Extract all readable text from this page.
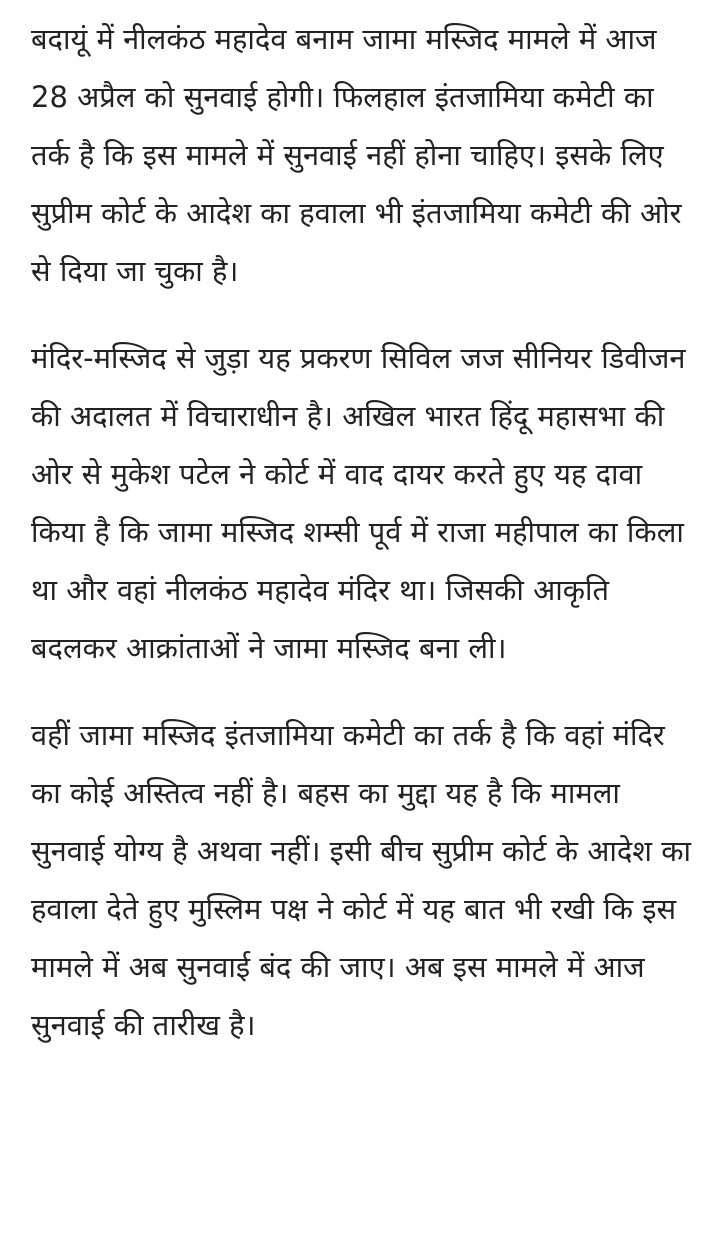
बदायूं में नीलकंठ महादेव बनाम जामा मस्जिद मामले में आज 28 अप्रैल को सुनवाई होगी। फिलहाल इंतजामिया कमेटी का तर्क है कि इस मामले में सुनवाई नहीं होना चाहिए। इसके लिए सुप्रीम कोर्ट के आदेश का हवाला भी इंतजामिया कमेटी की ओर से दिया जा चुका है।

मंदिर-मस्जिद से जुड़ा यह प्रकरण सिविल जज सीनियर डिवीजन की अदालत में विचाराधीन है। अखिल भारत हिंदू महासभा की ओर से मुकेश पटेल ने कोर्ट में वाद दायर करते हुए यह दावा किया है कि जामा मस्जिद शम्सी पूर्व में राजा महीपाल का किला था और वहां नीलकंठ महादेव मंदिर था। जिसकी आकृति बदलकर आक्रांताओं ने जामा मस्जिद बना ली।

वहीं जामा मस्जिद इंतजामिया कमेटी का तर्क है कि वहां मंदिर का कोई अस्तित्व नहीं है। बहस का मुद्दा यह है कि मामला सुनवाई योग्य है अथवा नहीं। इसी बीच सुप्रीम कोर्ट के आदेश का हवाला देते हुए मुस्लिम पक्ष ने कोर्ट में यह बात भी रखी कि इस मामले में अब सुनवाई बंद की जाए। अब इस मामले में आज सुनवाई की तारीख है।
